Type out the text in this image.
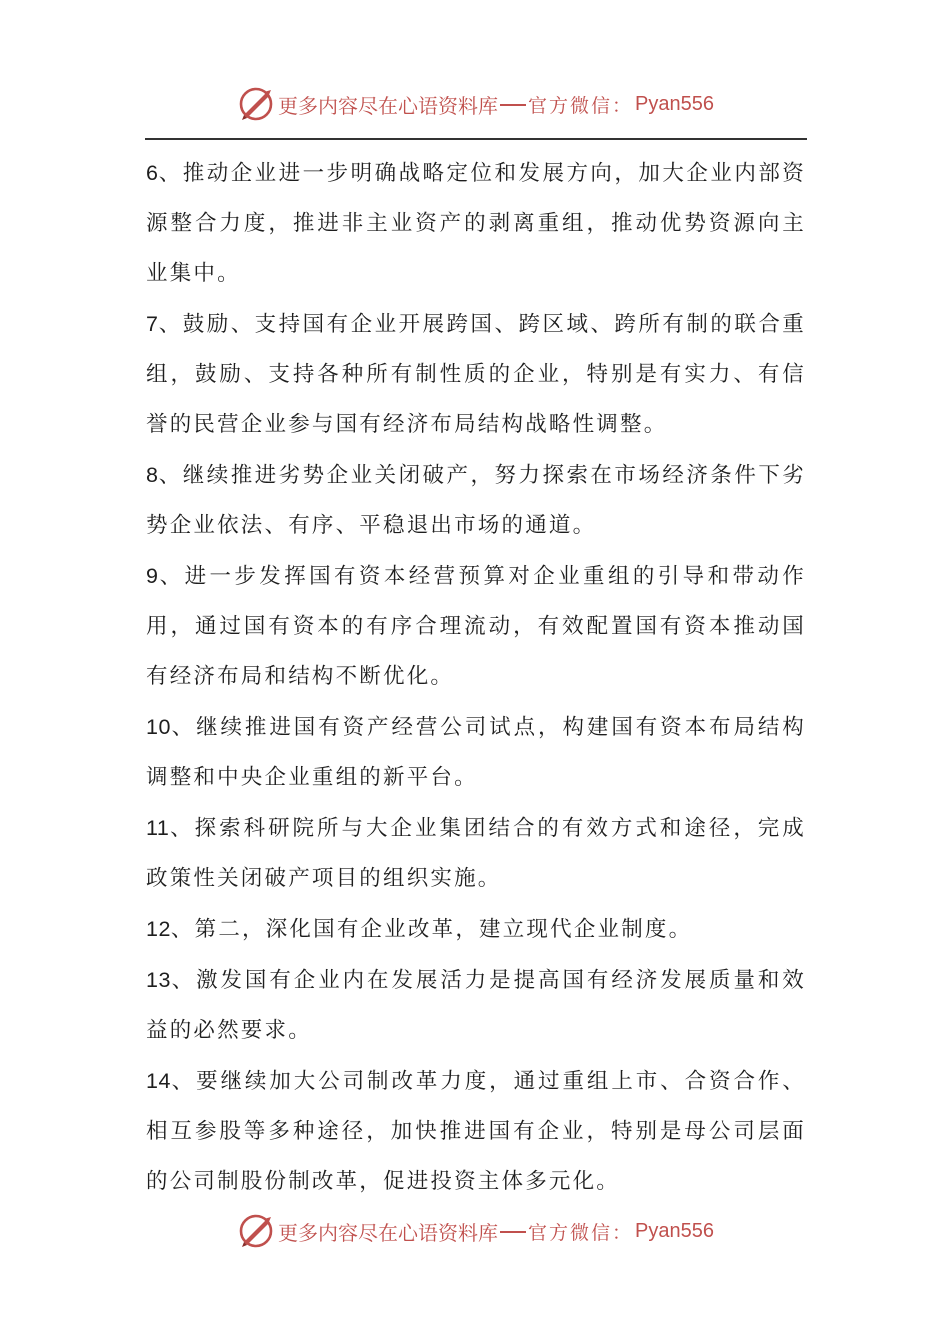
更多内容尽在心语资料库 官方微信： Pyan556

6、推动企业进一步明确战略定位和发展方向，加大企业内部资源整合力度，推进非主业资产的剥离重组，推动优势资源向主业集中。

7、鼓励、支持国有企业开展跨国、跨区域、跨所有制的联合重组，鼓励、支持各种所有制性质的企业，特别是有实力、有信誉的民营企业参与国有经济布局结构战略性调整。

8、继续推进劣势企业关闭破产，努力探索在市场经济条件下劣势企业依法、有序、平稳退出市场的通道。

9、进一步发挥国有资本经营预算对企业重组的引导和带动作用，通过国有资本的有序合理流动，有效配置国有资本推动国有经济布局和结构不断优化。

10、继续推进国有资产经营公司试点，构建国有资本布局结构调整和中央企业重组的新平台。

11、探索科研院所与大企业集团结合的有效方式和途径，完成政策性关闭破产项目的组织实施。

12、第二，深化国有企业改革，建立现代企业制度。

13、激发国有企业内在发展活力是提高国有经济发展质量和效益的必然要求。

14、要继续加大公司制改革力度，通过重组上市、合资合作、相互参股等多种途径，加快推进国有企业，特别是母公司层面的公司制股份制改革，促进投资主体多元化。

更多内容尽在心语资料库 官方微信： Pyan556
